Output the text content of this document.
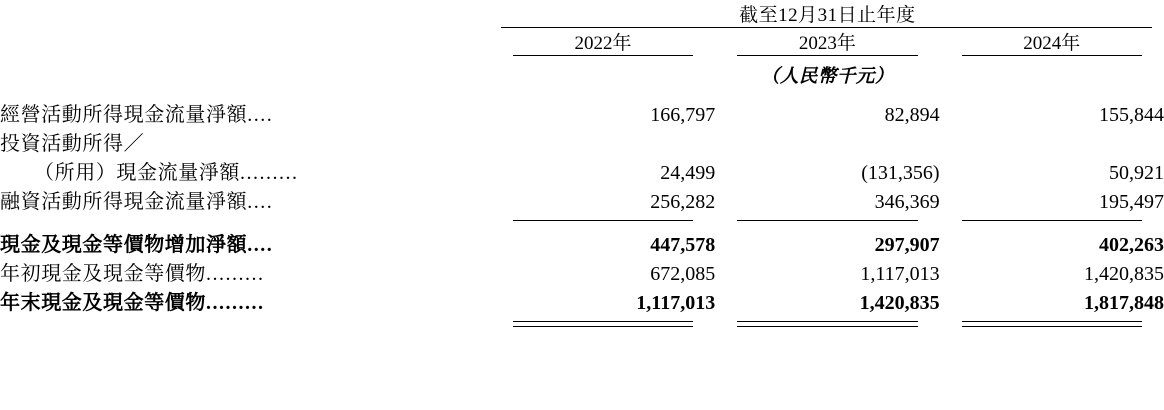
	截至12月31日止年度		

	2022年	2023年	2024年

	（人民幣千元）		
經營活動所得現金流量淨額....	166,797	82,894	155,844
投資活動所得／			
（所用）現金流量淨額.........	24,499	(131,356)	50,921
融資活動所得現金流量淨額....	256,282	346,369	195,497

現金及現金等價物增加淨額....	447,578	297,907	402,263
年初現金及現金等價物.........	672,085	1,117,013	1,420,835
年末現金及現金等價物.........	1,117,013	1,420,835	1,817,848
